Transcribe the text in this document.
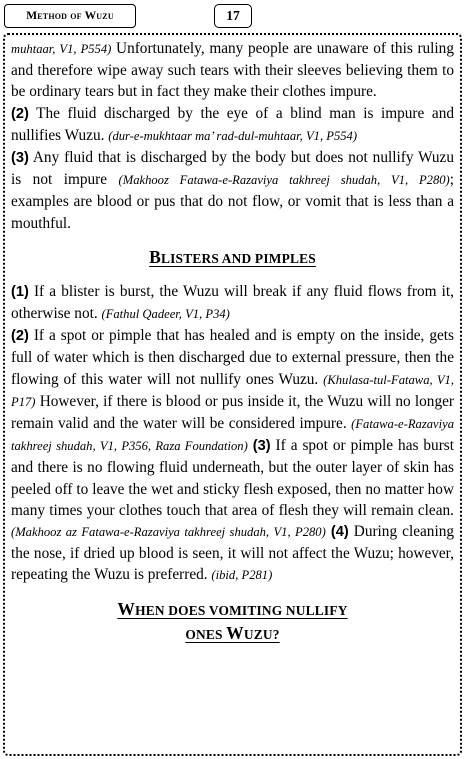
Method of Wuzu	17

muhtaar, V1, P554) Unfortunately, many people are unaware of this ruling and therefore wipe away such tears with their sleeves believing them to be ordinary tears but in fact they make their clothes impure.

(2) The fluid discharged by the eye of a blind man is impure and nullifies Wuzu. (dur-e-mukhtaar ma’ rad-dul-muhtaar, V1, P554)

(3) Any fluid that is discharged by the body but does not nullify Wuzu is not impure (Makhooz Fatawa-e-Razaviya takhreej shudah, V1, P280); examples are blood or pus that do not flow, or vomit that is less than a mouthful.

BLISTERS AND PIMPLES

(1) If a blister is burst, the Wuzu will break if any fluid flows from it, otherwise not. (Fathul Qadeer, V1, P34)

(2) If a spot or pimple that has healed and is empty on the inside, gets full of water which is then discharged due to external pressure, then the flowing of this water will not nullify ones Wuzu. (Khulasa-tul-Fatawa, V1, P17) However, if there is blood or pus inside it, the Wuzu will no longer remain valid and the water will be considered impure. (Fatawa-e-Razaviya takhreej shudah, V1, P356, Raza Foundation) (3) If a spot or pimple has burst and there is no flowing fluid underneath, but the outer layer of skin has peeled off to leave the wet and sticky flesh exposed, then no matter how many times your clothes touch that area of flesh they will remain clean. (Makhooz az Fatawa-e-Razaviya takhreej shudah, V1, P280) (4) During cleaning the nose, if dried up blood is seen, it will not affect the Wuzu; however, repeating the Wuzu is preferred. (ibid, P281)

WHEN DOES VOMITING NULLIFY
ONES WUZU?
